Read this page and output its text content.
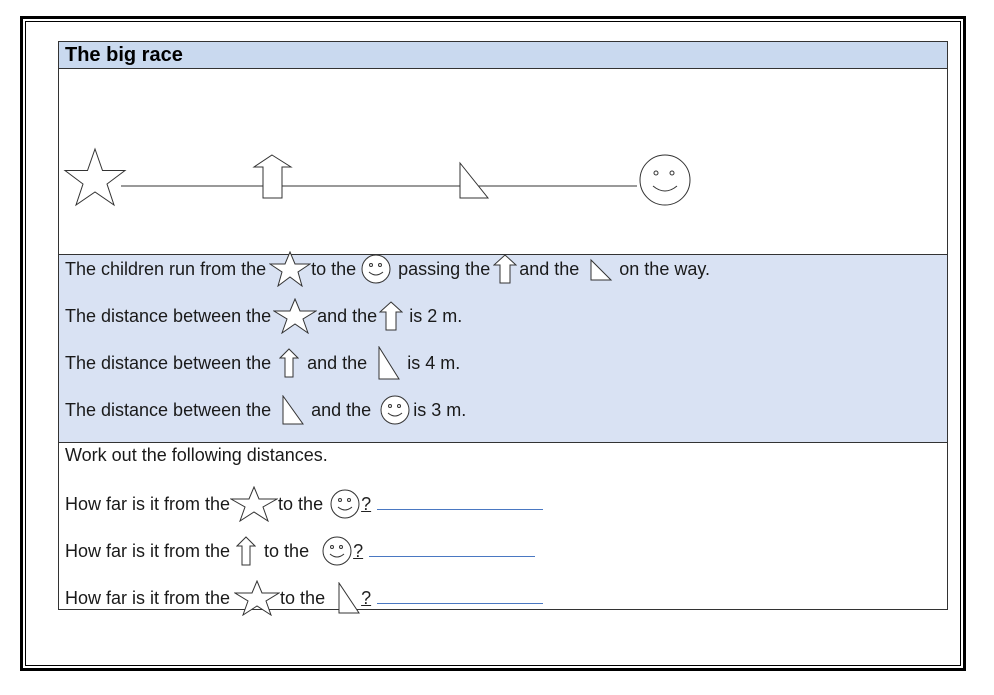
The big race
The children run from the	to the passing the and the on the way.
The distance between the	and the is 2 m.
The distance between the and the is 4 m.
The distance between the and the is 3 m.
Work out the following distances.
How far is it from the	to the ?
How far is it from the to the ?
How far is it from the	to the ?
